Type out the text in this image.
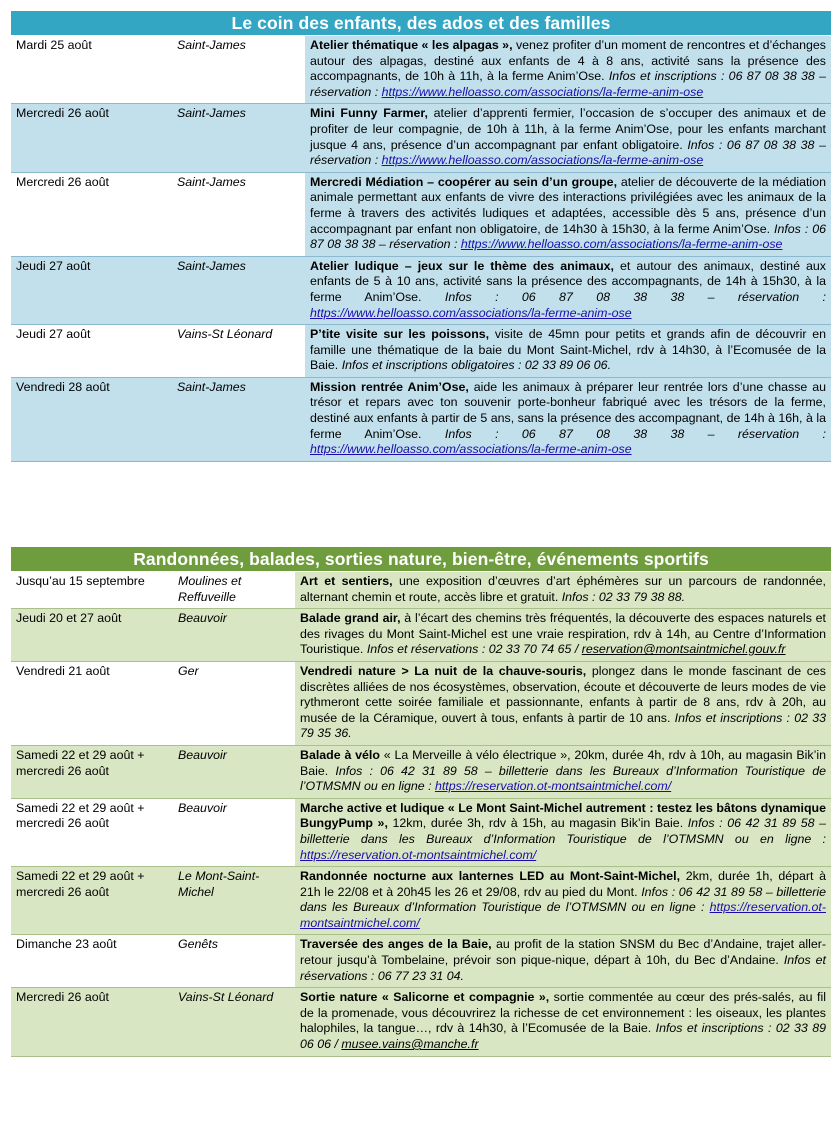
Le coin des enfants, des ados et des familles
Mardi 25 août	Saint-James	Atelier thématique « les alpagas », venez profiter d’un moment de rencontres et d’échanges autour des alpagas, destiné aux enfants de 4 à 8 ans, activité sans la présence des accompagnants, de 10h à 11h, à la ferme Anim’Ose. Infos et inscriptions : 06 87 08 38 38 – réservation : https://www.helloasso.com/associations/la-ferme-anim-ose
Mercredi 26 août	Saint-James	Mini Funny Farmer, atelier d’apprenti fermier, l’occasion de s’occuper des animaux et de profiter de leur compagnie, de 10h à 11h, à la ferme Anim’Ose, pour les enfants marchant jusque 4 ans, présence d’un accompagnant par enfant obligatoire. Infos : 06 87 08 38 38 – réservation : https://www.helloasso.com/associations/la-ferme-anim-ose
Mercredi 26 août	Saint-James	Mercredi Médiation – coopérer au sein d’un groupe, atelier de découverte de la médiation animale permettant aux enfants de vivre des interactions privilégiées avec les animaux de la ferme à travers des activités ludiques et adaptées, accessible dès 5 ans, présence d’un accompagnant par enfant non obligatoire, de 14h30 à 15h30, à la ferme Anim’Ose. Infos : 06 87 08 38 38 – réservation : https://www.helloasso.com/associations/la-ferme-anim-ose
Jeudi 27 août	Saint-James	Atelier ludique – jeux sur le thème des animaux, et autour des animaux, destiné aux enfants de 5 à 10 ans, activité sans la présence des accompagnants, de 14h à 15h30, à la ferme Anim’Ose. Infos : 06 87 08 38 38 – réservation : https://www.helloasso.com/associations/la-ferme-anim-ose
Jeudi 27 août	Vains-St Léonard	P’tite visite sur les poissons, visite de 45mn pour petits et grands afin de découvrir en famille une thématique de la baie du Mont Saint-Michel, rdv à 14h30, à l’Ecomusée de la Baie. Infos et inscriptions obligatoires : 02 33 89 06 06.
Vendredi 28 août	Saint-James	Mission rentrée Anim’Ose, aide les animaux à préparer leur rentrée lors d’une chasse au trésor et repars avec ton souvenir porte-bonheur fabriqué avec les trésors de la ferme, destiné aux enfants à partir de 5 ans, sans la présence des accompagnant, de 14h à 16h, à la ferme Anim’Ose. Infos : 06 87 08 38 38 – réservation : https://www.helloasso.com/associations/la-ferme-anim-ose
Randonnées, balades, sorties nature, bien-être, événements sportifs
Jusqu’au 15 septembre	Moulines et Reffuveille	Art et sentiers, une exposition d’œuvres d’art éphémères sur un parcours de randonnée, alternant chemin et route, accès libre et gratuit. Infos : 02 33 79 38 88.
Jeudi 20 et 27 août	Beauvoir	Balade grand air, à l’écart des chemins très fréquentés, la découverte des espaces naturels et des rivages du Mont Saint-Michel est une vraie respiration, rdv à 14h, au Centre d’Information Touristique. Infos et réservations : 02 33 70 74 65 / reservation@montsaintmichel.gouv.fr
Vendredi 21 août	Ger	Vendredi nature > La nuit de la chauve-souris, plongez dans le monde fascinant de ces discrètes alliées de nos écosystèmes, observation, écoute et découverte de leurs modes de vie rythmeront cette soirée familiale et passionnante, enfants à partir de 8 ans, rdv à 20h, au musée de la Céramique, ouvert à tous, enfants à partir de 10 ans. Infos et inscriptions : 02 33 79 35 36.
Samedi 22 et 29 août + mercredi 26 août	Beauvoir	Balade à vélo « La Merveille à vélo électrique », 20km, durée 4h, rdv à 10h, au magasin Bik’in Baie. Infos : 06 42 31 89 58 – billetterie dans les Bureaux d’Information Touristique de l’OTMSMN ou en ligne : https://reservation.ot-montsaintmichel.com/
Samedi 22 et 29 août + mercredi 26 août	Beauvoir	Marche active et ludique « Le Mont Saint-Michel autrement : testez les bâtons dynamique BungyPump », 12km, durée 3h, rdv à 15h, au magasin Bik’in Baie. Infos : 06 42 31 89 58 – billetterie dans les Bureaux d’Information Touristique de l’OTMSMN ou en ligne : https://reservation.ot-montsaintmichel.com/
Samedi 22 et 29 août + mercredi 26 août	Le Mont-Saint-Michel	Randonnée nocturne aux lanternes LED au Mont-Saint-Michel, 2km, durée 1h, départ à 21h le 22/08 et à 20h45 les 26 et 29/08, rdv au pied du Mont. Infos : 06 42 31 89 58 – billetterie dans les Bureaux d’Information Touristique de l’OTMSMN ou en ligne : https://reservation.ot-montsaintmichel.com/
Dimanche 23 août	Genêts	Traversée des anges de la Baie, au profit de la station SNSM du Bec d’Andaine, trajet aller-retour jusqu’à Tombelaine, prévoir son pique-nique, départ à 10h, du Bec d’Andaine. Infos et réservations : 06 77 23 31 04.
Mercredi 26 août	Vains-St Léonard	Sortie nature « Salicorne et compagnie », sortie commentée au cœur des prés-salés, au fil de la promenade, vous découvrirez la richesse de cet environnement : les oiseaux, les plantes halophiles, la tangue…, rdv à 14h30, à l’Ecomusée de la Baie. Infos et inscriptions : 02 33 89 06 06 / musee.vains@manche.fr
